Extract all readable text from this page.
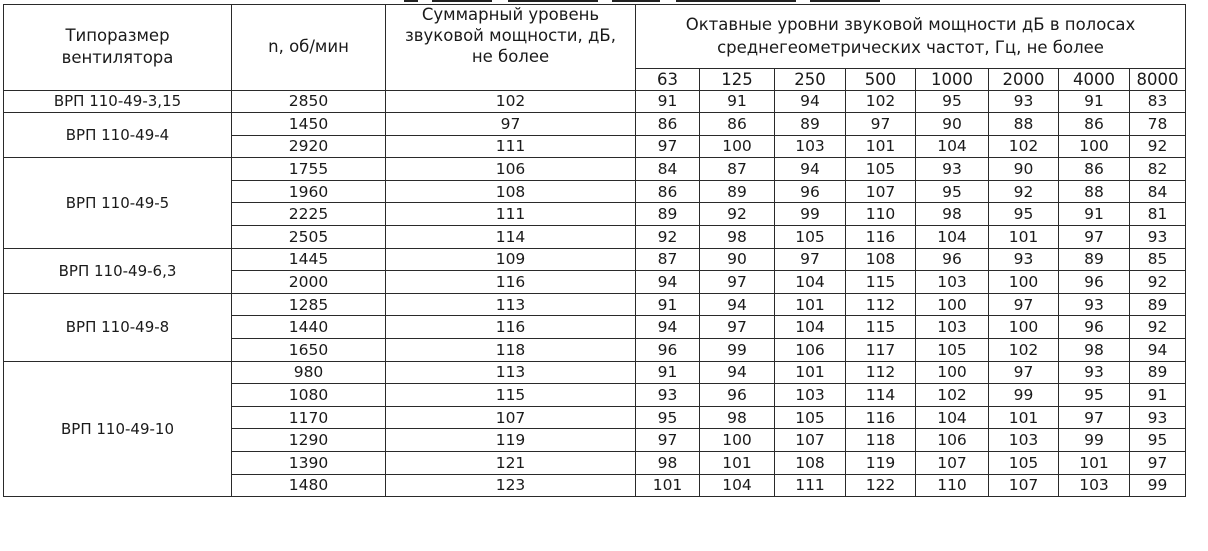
Типоразмер вентилятора	n, об/мин	Суммарный уровень звуковой мощности, дБ, не более	Октавные уровни звуковой мощности дБ в полосах среднегеометрических частот, Гц, не более							

			63	125	250	500	1000	2000	4000	8000
ВРП 110-49-3,15	2850	102	91	91	94	102	95	93	91	83
ВРП 110-49-4	1450	97	86	86	89	97	90	88	86	78
	2920	111	97	100	103	101	104	102	100	92
ВРП 110-49-5	1755	106	84	87	94	105	93	90	86	82
	1960	108	86	89	96	107	95	92	88	84
	2225	111	89	92	99	110	98	95	91	81
	2505	114	92	98	105	116	104	101	97	93
ВРП 110-49-6,3	1445	109	87	90	97	108	96	93	89	85
	2000	116	94	97	104	115	103	100	96	92
ВРП 110-49-8	1285	113	91	94	101	112	100	97	93	89
	1440	116	94	97	104	115	103	100	96	92
	1650	118	96	99	106	117	105	102	98	94
ВРП 110-49-10	980	113	91	94	101	112	100	97	93	89
	1080	115	93	96	103	114	102	99	95	91
	1170	107	95	98	105	116	104	101	97	93
	1290	119	97	100	107	118	106	103	99	95
	1390	121	98	101	108	119	107	105	101	97
	1480	123	101	104	111	122	110	107	103	99
